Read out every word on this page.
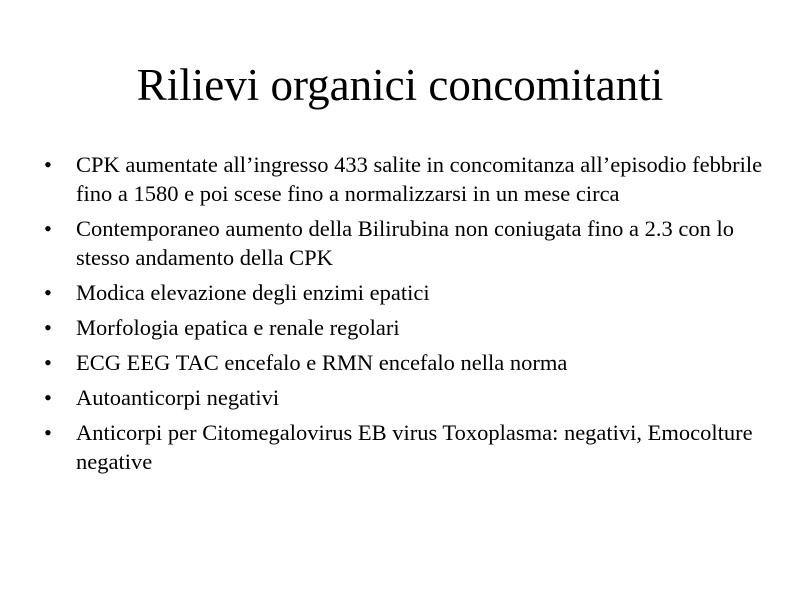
Rilievi organici concomitanti
•	CPK aumentate all’ingresso 433 salite in concomitanza all’episodio febbrile fino a 1580 e poi scese fino a normalizzarsi in un mese circa
•	Contemporaneo aumento della Bilirubina non coniugata fino a 2.3 con lo stesso andamento della CPK
•	Modica elevazione degli enzimi epatici
•	Morfologia epatica e renale regolari
•	ECG EEG TAC encefalo e RMN encefalo nella norma
•	Autoanticorpi negativi
•	Anticorpi per Citomegalovirus EB virus Toxoplasma: negativi, Emocolture negative
